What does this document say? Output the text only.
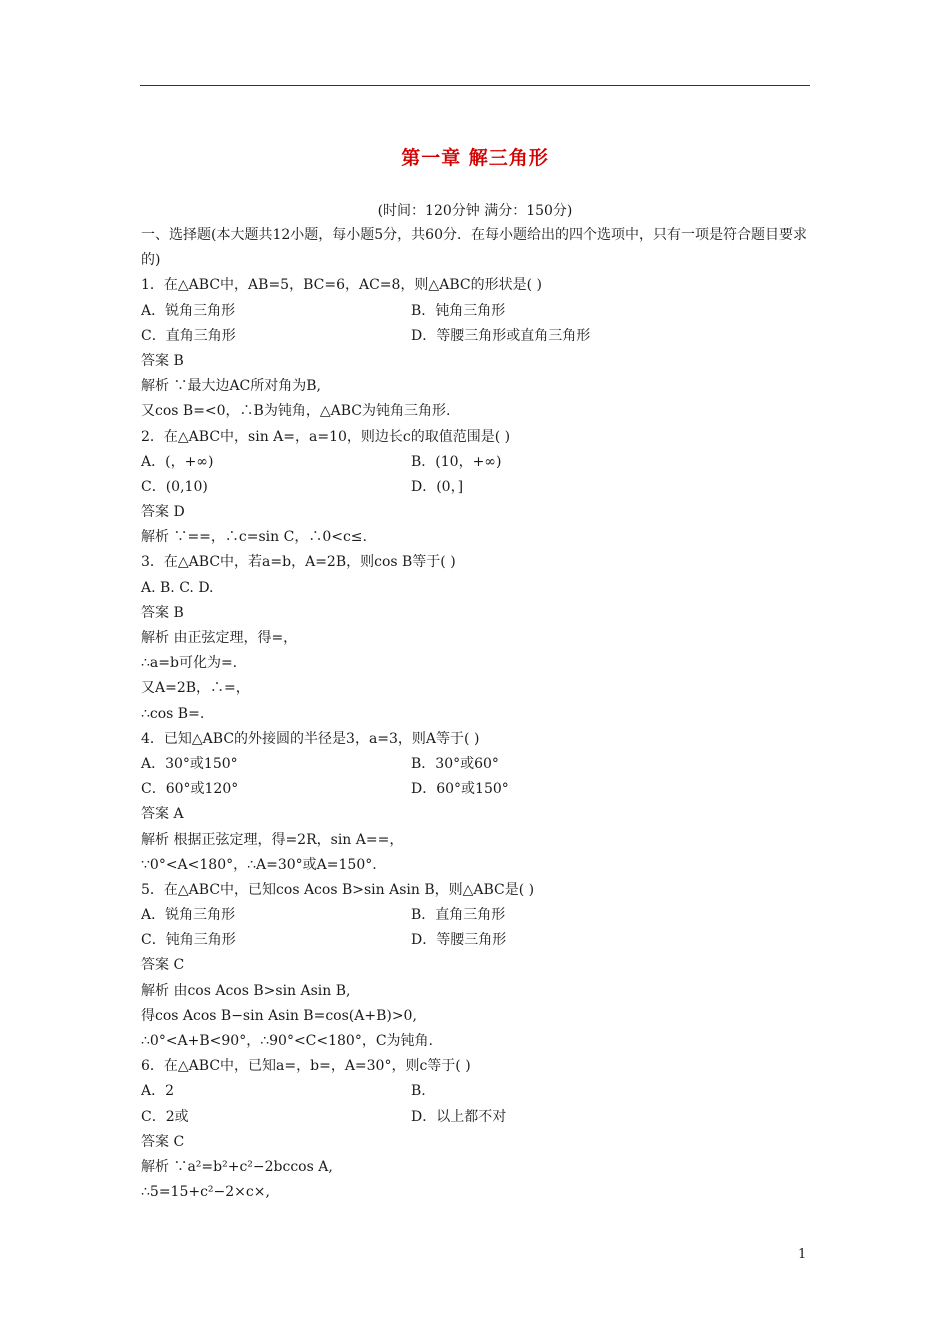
第一章 解三角形
(时间：120分钟 满分：150分)
一、选择题(本大题共12小题，每小题5分，共60分．在每小题给出的四个选项中，只有一项是符合题目要求的)
1．在△ABC中，AB=5，BC=6，AC=8，则△ABC的形状是( )
A．锐角三角形	B．钝角三角形
C．直角三角形	D．等腰三角形或直角三角形
答案 B
解析 ∵最大边AC所对角为B,
又cos B=<0，∴B为钝角，△ABC为钝角三角形.
2．在△ABC中，sin A=，a=10，则边长c的取值范围是( )
A．(，+∞)	B．(10，+∞)
C．(0,10)	D．(0，]
答案 D
解析 ∵==，∴c=sin C，∴0<c≤.
3．在△ABC中，若a=b，A=2B，则cos B等于( )
A. B. C. D.
答案 B
解析 由正弦定理，得=，
∴a=b可化为=.
又A=2B，∴=，
∴cos B=.
4．已知△ABC的外接圆的半径是3，a=3，则A等于( )
A．30°或150°	B．30°或60°
C．60°或120°	D．60°或150°
答案 A
解析 根据正弦定理，得=2R，sin A==，
∵0°<A<180°，∴A=30°或A=150°.
5．在△ABC中，已知cos Acos B>sin Asin B，则△ABC是( )
A．锐角三角形	B．直角三角形
C．钝角三角形	D．等腰三角形
答案 C
解析 由cos Acos B>sin Asin B,
得cos Acos B−sin Asin B=cos(A+B)>0,
∴0°<A+B<90°，∴90°<C<180°，C为钝角.
6．在△ABC中，已知a=，b=，A=30°，则c等于( )
A．2	B.
C．2或	D．以上都不对
答案 C
解析 ∵a²=b²+c²−2bccos A,
∴5=15+c²−2×c×,
1
